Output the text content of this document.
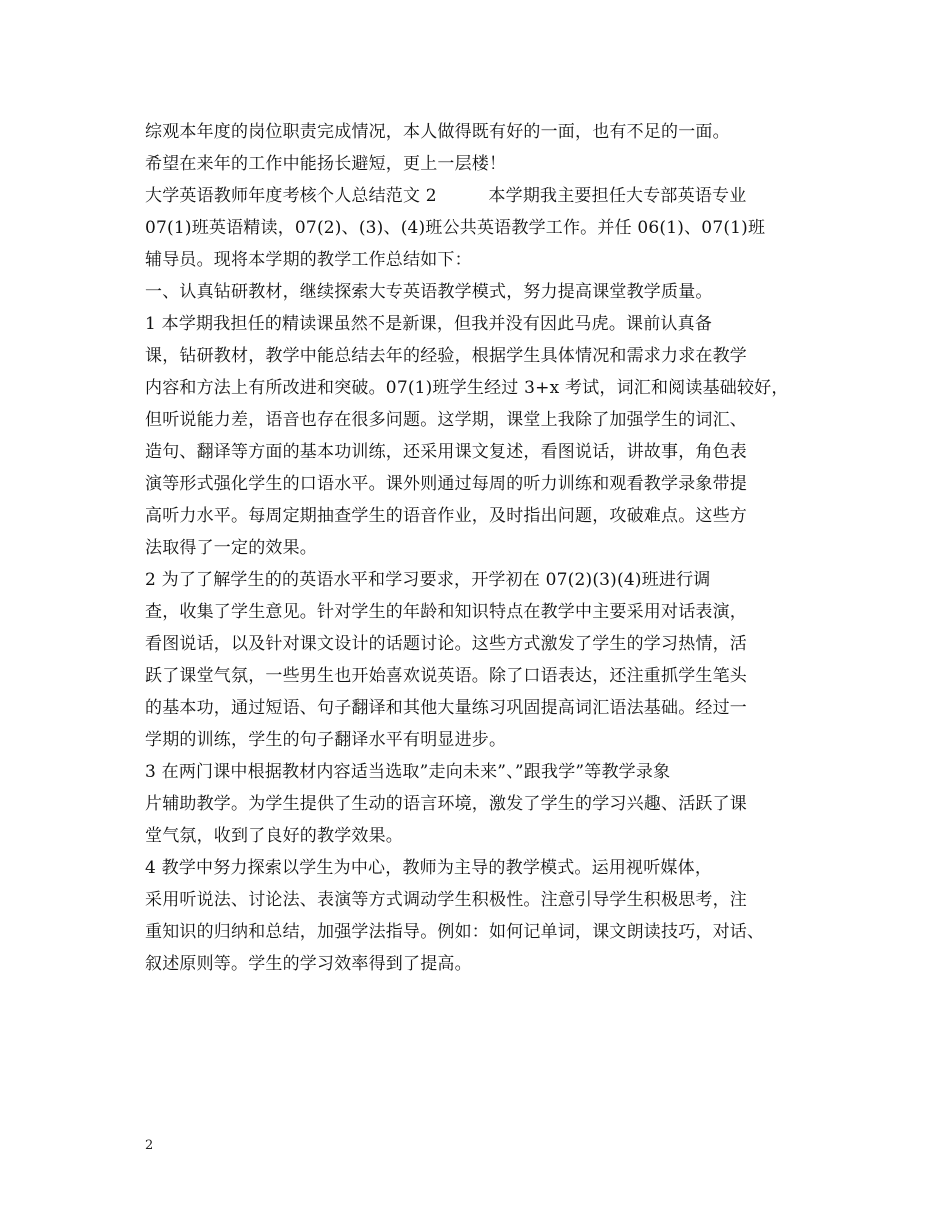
综观本年度的岗位职责完成情况，本人做得既有好的一面，也有不足的一面。
希望在来年的工作中能扬长避短，更上一层楼！
大学英语教师年度考核个人总结范文 2　　　本学期我主要担任大专部英语专业
07(1)班英语精读，07(2)、(3)、(4)班公共英语教学工作。并任 06(1)、07(1)班
辅导员。现将本学期的教学工作总结如下：
一、认真钻研教材，继续探索大专英语教学模式，努力提高课堂教学质量。
1 本学期我担任的精读课虽然不是新课，但我并没有因此马虎。课前认真备
课，钻研教材，教学中能总结去年的经验，根据学生具体情况和需求力求在教学
内容和方法上有所改进和突破。07(1)班学生经过 3+x 考试，词汇和阅读基础较好，
但听说能力差，语音也存在很多问题。这学期，课堂上我除了加强学生的词汇、
造句、翻译等方面的基本功训练，还采用课文复述，看图说话，讲故事，角色表
演等形式强化学生的口语水平。课外则通过每周的听力训练和观看教学录象带提
高听力水平。每周定期抽查学生的语音作业，及时指出问题，攻破难点。这些方
法取得了一定的效果。
2 为了了解学生的的英语水平和学习要求，开学初在 07(2)(3)(4)班进行调
查，收集了学生意见。针对学生的年龄和知识特点在教学中主要采用对话表演，
看图说话，以及针对课文设计的话题讨论。这些方式激发了学生的学习热情，活
跃了课堂气氛，一些男生也开始喜欢说英语。除了口语表达，还注重抓学生笔头
的基本功，通过短语、句子翻译和其他大量练习巩固提高词汇语法基础。经过一
学期的训练，学生的句子翻译水平有明显进步。
3 在两门课中根据教材内容适当选取”走向未来”、”跟我学”等教学录象
片辅助教学。为学生提供了生动的语言环境，激发了学生的学习兴趣、活跃了课
堂气氛，收到了良好的教学效果。
4 教学中努力探索以学生为中心，教师为主导的教学模式。运用视听媒体，
采用听说法、讨论法、表演等方式调动学生积极性。注意引导学生积极思考，注
重知识的归纳和总结，加强学法指导。例如：如何记单词，课文朗读技巧，对话、
叙述原则等。学生的学习效率得到了提高。
2
